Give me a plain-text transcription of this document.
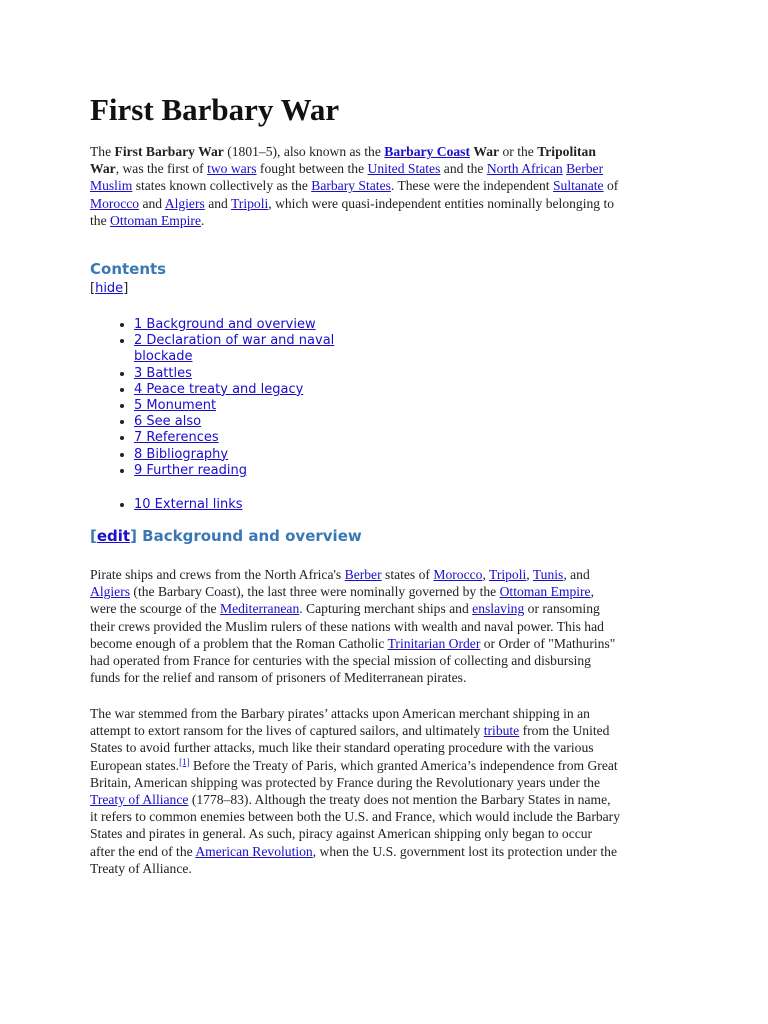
First Barbary War
The First Barbary War (1801–5), also known as the Barbary Coast War or the Tripolitan
War, was the first of two wars fought between the United States and the North African Berber
Muslim states known collectively as the Barbary States. These were the independent Sultanate of
Morocco and Algiers and Tripoli, which were quasi-independent entities nominally belonging to
the Ottoman Empire.
Contents
[hide]
• 1 Background and overview
• 2 Declaration of war and naval
blockade
• 3 Battles
• 4 Peace treaty and legacy
• 5 Monument
• 6 See also
• 7 References
• 8 Bibliography
• 9 Further reading
• 10 External links
[edit] Background and overview
Pirate ships and crews from the North Africa's Berber states of Morocco, Tripoli, Tunis, and
Algiers (the Barbary Coast), the last three were nominally governed by the Ottoman Empire,
were the scourge of the Mediterranean. Capturing merchant ships and enslaving or ransoming
their crews provided the Muslim rulers of these nations with wealth and naval power. This had
become enough of a problem that the Roman Catholic Trinitarian Order or Order of "Mathurins"
had operated from France for centuries with the special mission of collecting and disbursing
funds for the relief and ransom of prisoners of Mediterranean pirates.
The war stemmed from the Barbary pirates’ attacks upon American merchant shipping in an
attempt to extort ransom for the lives of captured sailors, and ultimately tribute from the United
States to avoid further attacks, much like their standard operating procedure with the various
European states.[1] Before the Treaty of Paris, which granted America’s independence from Great
Britain, American shipping was protected by France during the Revolutionary years under the
Treaty of Alliance (1778–83). Although the treaty does not mention the Barbary States in name,
it refers to common enemies between both the U.S. and France, which would include the Barbary
States and pirates in general. As such, piracy against American shipping only began to occur
after the end of the American Revolution, when the U.S. government lost its protection under the
Treaty of Alliance.
